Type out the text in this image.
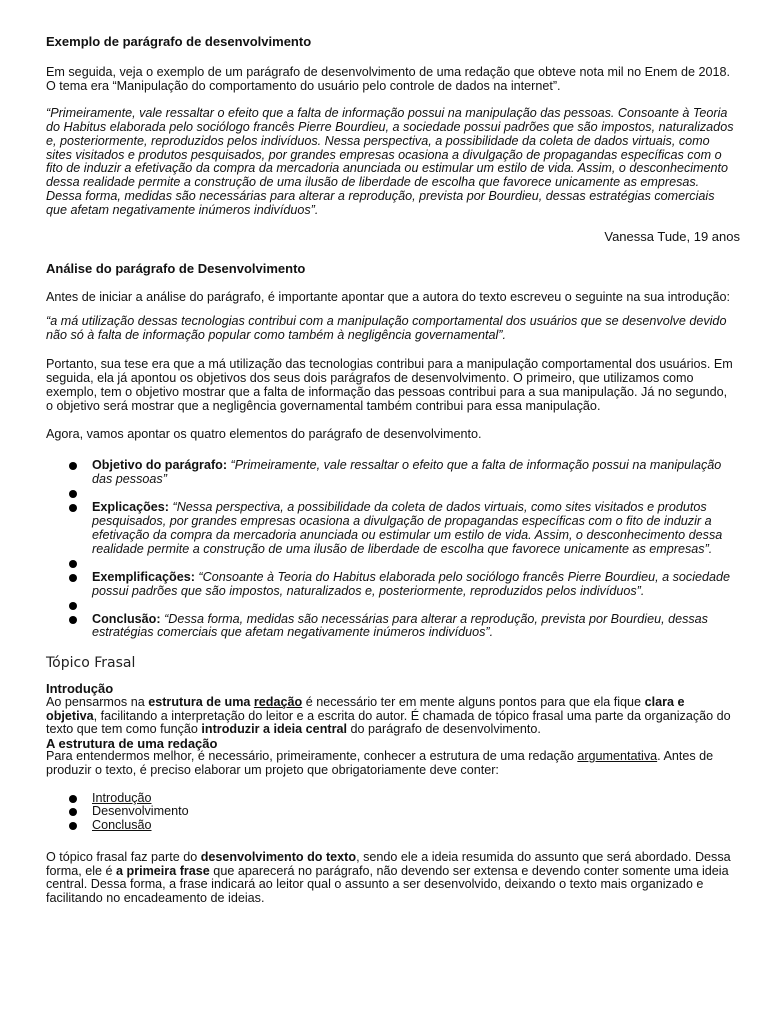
Exemplo de parágrafo de desenvolvimento

Em seguida, veja o exemplo de um parágrafo de desenvolvimento de uma redação que obteve nota mil no Enem de 2018. O tema era “Manipulação do comportamento do usuário pelo controle de dados na internet”.

“Primeiramente, vale ressaltar o efeito que a falta de informação possui na manipulação das pessoas. Consoante à Teoria do Habitus elaborada pelo sociólogo francês Pierre Bourdieu, a sociedade possui padrões que são impostos, naturalizados e, posteriormente, reproduzidos pelos indivíduos. Nessa perspectiva, a possibilidade da coleta de dados virtuais, como sites visitados e produtos pesquisados, por grandes empresas ocasiona a divulgação de propagandas específicas com o fito de induzir a efetivação da compra da mercadoria anunciada ou estimular um estilo de vida. Assim, o desconhecimento dessa realidade permite a construção de uma ilusão de liberdade de escolha que favorece unicamente as empresas. Dessa forma, medidas são necessárias para alterar a reprodução, prevista por Bourdieu, dessas estratégias comerciais que afetam negativamente inúmeros indivíduos”.

Vanessa Tude, 19 anos

Análise do parágrafo de Desenvolvimento

Antes de iniciar a análise do parágrafo, é importante apontar que a autora do texto escreveu o seguinte na sua introdução:

“a má utilização dessas tecnologias contribui com a manipulação comportamental dos usuários que se desenvolve devido não só à falta de informação popular como também à negligência governamental”.

Portanto, sua tese era que a má utilização das tecnologias contribui para a manipulação comportamental dos usuários. Em seguida, ela já apontou os objetivos dos seus dois parágrafos de desenvolvimento. O primeiro, que utilizamos como exemplo, tem o objetivo mostrar que a falta de informação das pessoas contribui para a sua manipulação. Já no segundo, o objetivo será mostrar que a negligência governamental também contribui para essa manipulação.

Agora, vamos apontar os quatro elementos do parágrafo de desenvolvimento.

Objetivo do parágrafo: “Primeiramente, vale ressaltar o efeito que a falta de informação possui na manipulação das pessoas”
Explicações: “Nessa perspectiva, a possibilidade da coleta de dados virtuais, como sites visitados e produtos pesquisados, por grandes empresas ocasiona a divulgação de propagandas específicas com o fito de induzir a efetivação da compra da mercadoria anunciada ou estimular um estilo de vida. Assim, o desconhecimento dessa realidade permite a construção de uma ilusão de liberdade de escolha que favorece unicamente as empresas”.
Exemplificações: “Consoante à Teoria do Habitus elaborada pelo sociólogo francês Pierre Bourdieu, a sociedade possui padrões que são impostos, naturalizados e, posteriormente, reproduzidos pelos indivíduos”.
Conclusão: “Dessa forma, medidas são necessárias para alterar a reprodução, prevista por Bourdieu, dessas estratégias comerciais que afetam negativamente inúmeros indivíduos”.

Tópico Frasal

Introdução

Ao pensarmos na estrutura de uma redação é necessário ter em mente alguns pontos para que ela fique clara e objetiva, facilitando a interpretação do leitor e a escrita do autor. É chamada de tópico frasal uma parte da organização do texto que tem como função introduzir a ideia central do parágrafo de desenvolvimento.

A estrutura de uma redação

Para entendermos melhor, é necessário, primeiramente, conhecer a estrutura de uma redação argumentativa. Antes de produzir o texto, é preciso elaborar um projeto que obrigatoriamente deve conter:

Introdução
Desenvolvimento
Conclusão

O tópico frasal faz parte do desenvolvimento do texto, sendo ele a ideia resumida do assunto que será abordado. Dessa forma, ele é a primeira frase que aparecerá no parágrafo, não devendo ser extensa e devendo conter somente uma ideia central. Dessa forma, a frase indicará ao leitor qual o assunto a ser desenvolvido, deixando o texto mais organizado e facilitando no encadeamento de ideias.
